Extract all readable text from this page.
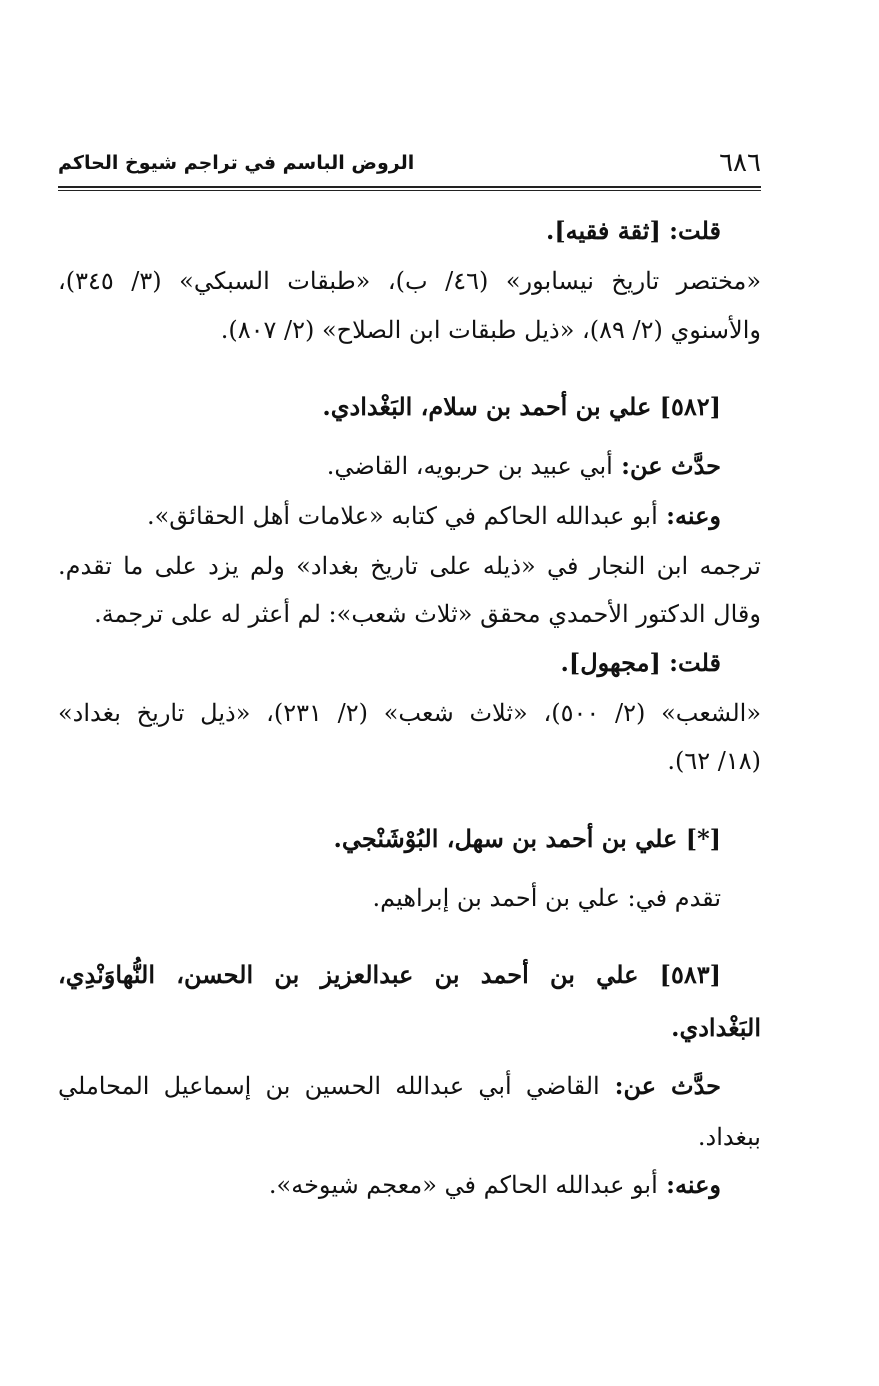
٦٨٦
الروض الباسم في تراجم شيوخ الحاكم
قلت: [ثقة فقيه].
«مختصر تاريخ نيسابور» (٤٦/ ب)، «طبقات السبكي» (٣/ ٣٤٥)،
والأسنوي (٢/ ٨٩)، «ذيل طبقات ابن الصلاح» (٢/ ٨٠٧).
[٥٨٢] علي بن أحمد بن سلام، البَغْدادي.
حدَّث عن: أبي عبيد بن حربويه، القاضي.
وعنه: أبو عبدالله الحاكم في كتابه «علامات أهل الحقائق».
ترجمه ابن النجار في «ذيله على تاريخ بغداد» ولم يزد على ما تقدم.
وقال الدكتور الأحمدي محقق «ثلاث شعب»: لم أعثر له على ترجمة.
قلت: [مجهول].
«الشعب» (٢/ ٥٠٠)، «ثلاث شعب» (٢/ ٢٣١)، «ذيل تاريخ بغداد»
(١٨/ ٦٢).
[*] علي بن أحمد بن سهل، البُوْشَنْجي.
تقدم في: علي بن أحمد بن إبراهيم.
[٥٨٣] علي بن أحمد بن عبدالعزيز بن الحسن، النُّهاوَنْدِي،
البَغْدادي.
حدَّث عن: القاضي أبي عبدالله الحسين بن إسماعيل المحاملي
ببغداد.
وعنه: أبو عبدالله الحاكم في «معجم شيوخه».
